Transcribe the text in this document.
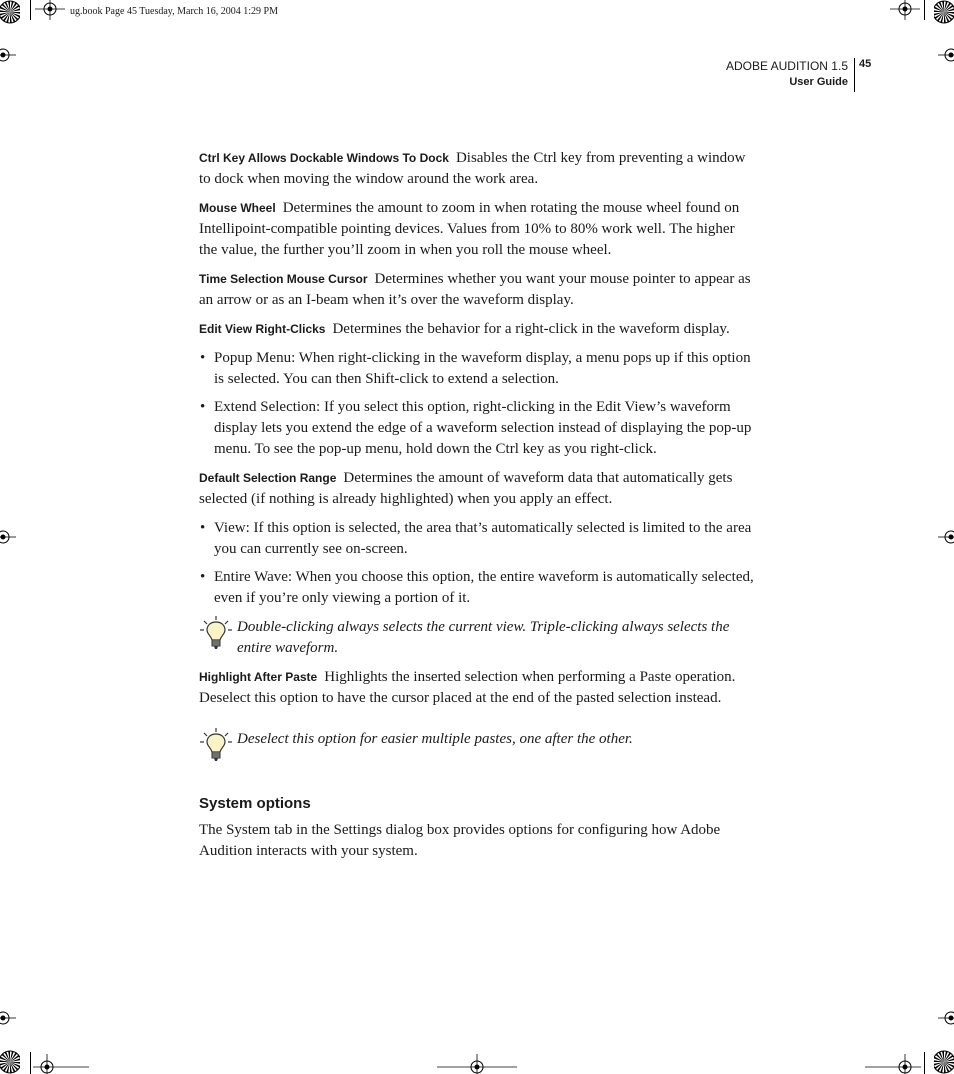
ug.book Page 45 Tuesday, March 16, 2004 1:29 PM
ADOBE AUDITION 1.5
User Guide
45

Ctrl Key Allows Dockable Windows To Dock Disables the Ctrl key from preventing a window to dock when moving the window around the work area.

Mouse Wheel Determines the amount to zoom in when rotating the mouse wheel found on Intellipoint-compatible pointing devices. Values from 10% to 80% work well. The higher the value, the further you’ll zoom in when you roll the mouse wheel.

Time Selection Mouse Cursor Determines whether you want your mouse pointer to appear as an arrow or as an I-beam when it’s over the waveform display.

Edit View Right-Clicks Determines the behavior for a right-click in the waveform display.

• Popup Menu: When right-clicking in the waveform display, a menu pops up if this option is selected. You can then Shift-click to extend a selection.
• Extend Selection: If you select this option, right-clicking in the Edit View’s waveform display lets you extend the edge of a waveform selection instead of displaying the pop-up menu. To see the pop-up menu, hold down the Ctrl key as you right-click.

Default Selection Range Determines the amount of waveform data that automatically gets selected (if nothing is already highlighted) when you apply an effect.

• View: If this option is selected, the area that’s automatically selected is limited to the area you can currently see on-screen.
• Entire Wave: When you choose this option, the entire waveform is automatically selected, even if you’re only viewing a portion of it.
Double-clicking always selects the current view. Triple-clicking always selects the entire waveform.

Highlight After Paste Highlights the inserted selection when performing a Paste operation. Deselect this option to have the cursor placed at the end of the pasted selection instead.

Deselect this option for easier multiple pastes, one after the other.
System options

The System tab in the Settings dialog box provides options for configuring how Adobe Audition interacts with your system.
